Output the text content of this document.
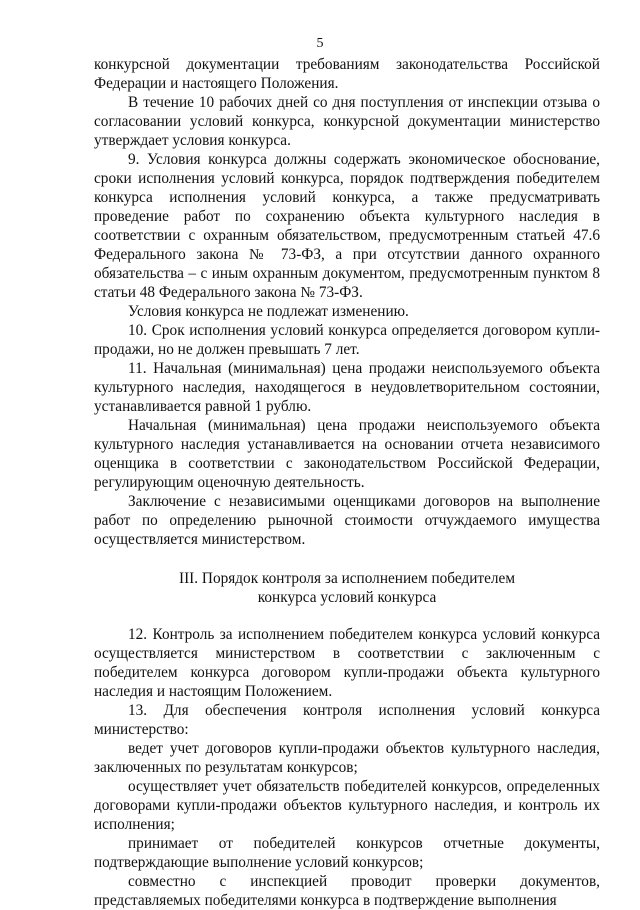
5

конкурсной документации требованиям законодательства Российской Федерации и настоящего Положения.

В течение 10 рабочих дней со дня поступления от инспекции отзыва о согласовании условий конкурса, конкурсной документации министерство утверждает условия конкурса.

9. Условия конкурса должны содержать экономическое обоснование, сроки исполнения условий конкурса, порядок подтверждения победителем конкурса исполнения условий конкурса, а также предусматривать проведение работ по сохранению объекта культурного наследия в соответствии с охранным обязательством, предусмотренным статьей 47.6 Федерального закона № 73-ФЗ, а при отсутствии данного охранного обязательства – с иным охранным документом, предусмотренным пунктом 8 статьи 48 Федерального закона № 73-ФЗ.

Условия конкурса не подлежат изменению.

10. Срок исполнения условий конкурса определяется договором купли-продажи, но не должен превышать 7 лет.

11. Начальная (минимальная) цена продажи неиспользуемого объекта культурного наследия, находящегося в неудовлетворительном состоянии, устанавливается равной 1 рублю.

Начальная (минимальная) цена продажи неиспользуемого объекта культурного наследия устанавливается на основании отчета независимого оценщика в соответствии с законодательством Российской Федерации, регулирующим оценочную деятельность.

Заключение с независимыми оценщиками договоров на выполнение работ по определению рыночной стоимости отчуждаемого имущества осуществляется министерством.

III. Порядок контроля за исполнением победителем

конкурса условий конкурса

12. Контроль за исполнением победителем конкурса условий конкурса осуществляется министерством в соответствии с заключенным с победителем конкурса договором купли-продажи объекта культурного наследия и настоящим Положением.

13. Для обеспечения контроля исполнения условий конкурса министерство:

ведет учет договоров купли-продажи объектов культурного наследия, заключенных по результатам конкурсов;

осуществляет учет обязательств победителей конкурсов, определенных договорами купли-продажи объектов культурного наследия, и контроль их исполнения;

принимает от победителей конкурсов отчетные документы, подтверждающие выполнение условий конкурсов;

совместно с инспекцией проводит проверки документов, представляемых победителями конкурса в подтверждение выполнения
